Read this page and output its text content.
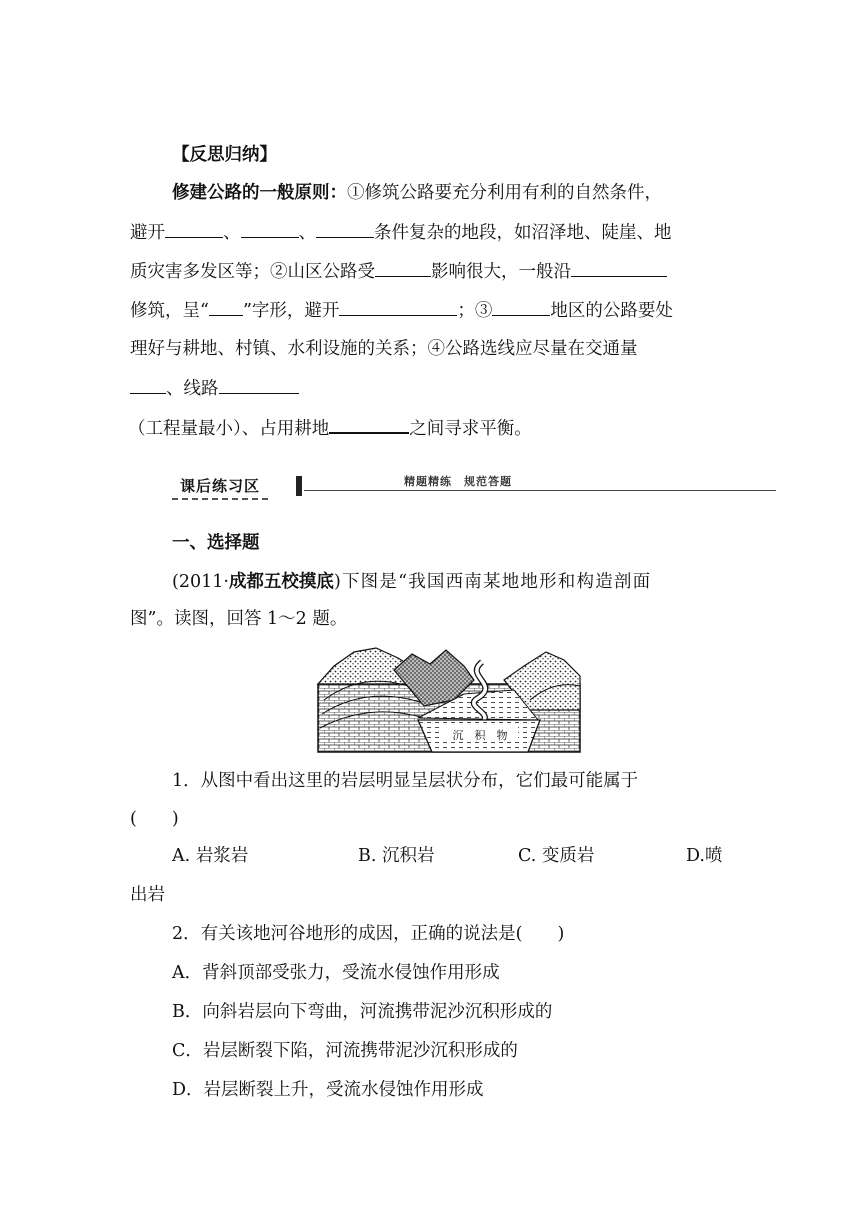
【反思归纳】
修建公路的一般原则：①修筑公路要充分利用有利的自然条件，
避开	、	、	条件复杂的地段，如沼泽地、陡崖、地
质灾害多发区等；②山区公路受	影响很大，一般沿
修筑，呈“ ”字形，避开	；③	地区的公路要处
理好与耕地、村镇、水利设施的关系；④公路选线应尽量在交通量
、线路
（工程量最小）、占用耕地	之间寻求平衡。
课后练习区	精题精练　规范答题
一、选择题
(2011·成都五校摸底)下图是“我国西南某地地形和构造剖面
图”。读图，回答 1～2 题。
沉　积　物
1．从图中看出这里的岩层明显呈层状分布，它们最可能属于
(　　)
A. 岩浆岩	B. 沉积岩	C. 变质岩	D.喷
出岩
2．有关该地河谷地形的成因，正确的说法是(　　)
A．背斜顶部受张力，受流水侵蚀作用形成
B．向斜岩层向下弯曲，河流携带泥沙沉积形成的
C．岩层断裂下陷，河流携带泥沙沉积形成的
D．岩层断裂上升，受流水侵蚀作用形成
